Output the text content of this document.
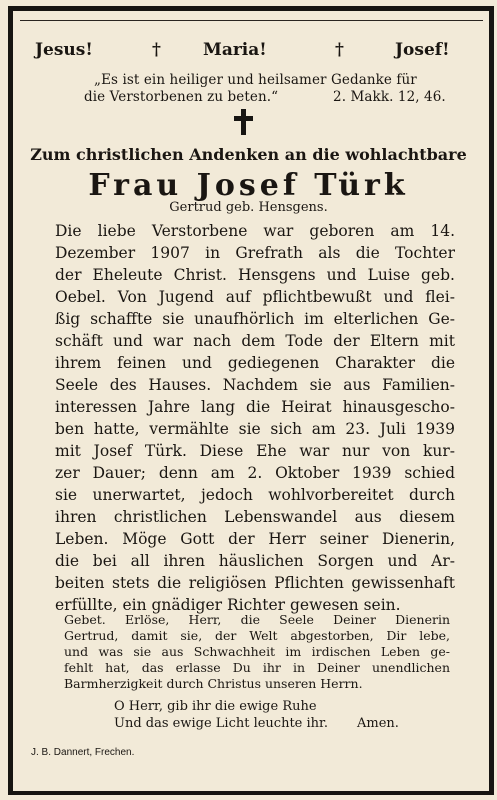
Jesus!	† Maria!	†	Josef!
„Es ist ein heiliger und heilsamer Gedanke für
die Verstorbenen zu beten.“	2. Makk. 12, 46.
Zum christlichen Andenken an die wohlachtbare
Frau Josef Türk
Gertrud geb. Hensgens.
Die liebe Verstorbene war geboren am 14.
Dezember 1907 in Grefrath als die Tochter
der Eheleute Christ. Hensgens und Luise geb.
Oebel. Von Jugend auf pflichtbewußt und flei-
ßig schaffte sie unaufhörlich im elterlichen Ge-
schäft und war nach dem Tode der Eltern mit
ihrem feinen und gediegenen Charakter die
Seele des Hauses. Nachdem sie aus Familien-
interessen Jahre lang die Heirat hinausgescho-
ben hatte, vermählte sie sich am 23. Juli 1939
mit Josef Türk. Diese Ehe war nur von kur-
zer Dauer; denn am 2. Oktober 1939 schied
sie unerwartet, jedoch wohlvorbereitet durch
ihren christlichen Lebenswandel aus diesem
Leben. Möge Gott der Herr seiner Dienerin,
die bei all ihren häuslichen Sorgen und Ar-
beiten stets die religiösen Pflichten gewissenhaft
erfüllte, ein gnädiger Richter gewesen sein.
Gebet. Erlöse, Herr, die Seele Deiner Dienerin
Gertrud, damit sie, der Welt abgestorben, Dir lebe,
und was sie aus Schwachheit im irdischen Leben ge-
fehlt hat, das erlasse Du ihr in Deiner unendlichen
Barmherzigkeit durch Christus unseren Herrn.
O Herr, gib ihr die ewige Ruhe
Und das ewige Licht leuchte ihr. Amen.
J. B. Dannert, Frechen.
